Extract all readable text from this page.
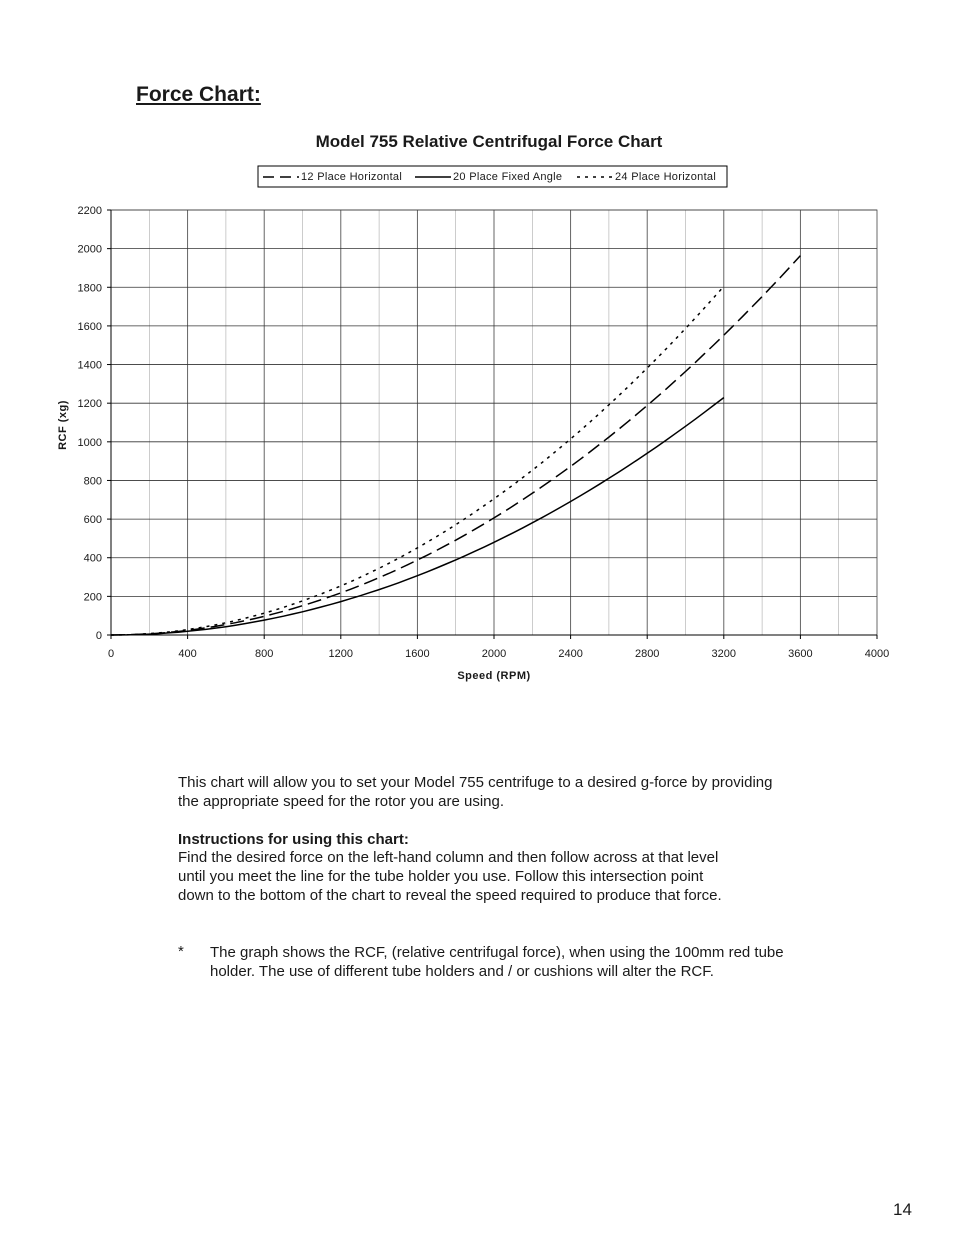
Force Chart:
Model 755 Relative Centrifugal Force Chart
12 Place Horizontal	20 Place Fixed Angle	24 Place Horizontal
0
200
400
600
800
1000
1200
1400
1600
1800
2000
2200
0	400	800	1200	1600	2000	2400	2800	3200	3600	4000
Speed (RPM)
RCF (xg)

This chart will allow you to set your Model 755 centrifuge to a desired g-force by providing the appropriate speed for the rotor you are using.

Instructions for using this chart:

Find the desired force on the left-hand column and then follow across at that level until you meet the line for the tube holder you use. Follow this intersection point down to the bottom of the chart to reveal the speed required to produce that force.

* The graph shows the RCF, (relative centrifugal force), when using the 100mm red tube holder. The use of different tube holders and / or cushions will alter the RCF.

14
